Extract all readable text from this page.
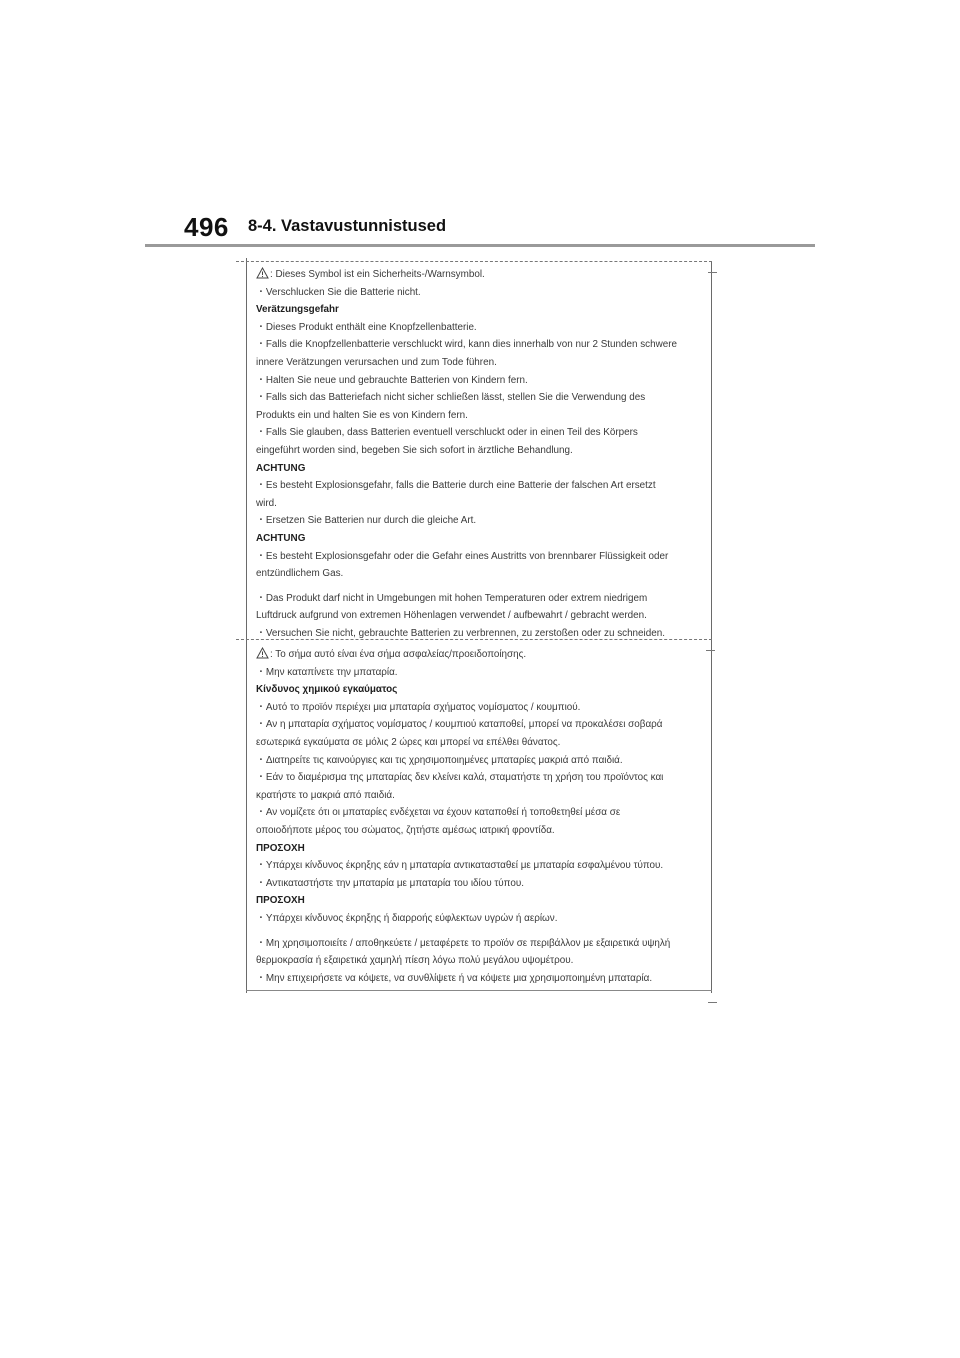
496 8-4. Vastavustunnistused
: Dieses Symbol ist ein Sicherheits-/Warnsymbol.
・Verschlucken Sie die Batterie nicht.
Verätzungsgefahr
・Dieses Produkt enthält eine Knopfzellenbatterie.
・Falls die Knopfzellenbatterie verschluckt wird, kann dies innerhalb von nur 2 Stunden schwere
innere Verätzungen verursachen und zum Tode führen.
・Halten Sie neue und gebrauchte Batterien von Kindern fern.
・Falls sich das Batteriefach nicht sicher schließen lässt, stellen Sie die Verwendung des
Produkts ein und halten Sie es von Kindern fern.
・Falls Sie glauben, dass Batterien eventuell verschluckt oder in einen Teil des Körpers
eingeführt worden sind, begeben Sie sich sofort in ärztliche Behandlung.
ACHTUNG
・Es besteht Explosionsgefahr, falls die Batterie durch eine Batterie der falschen Art ersetzt
wird.
・Ersetzen Sie Batterien nur durch die gleiche Art.
ACHTUNG
・Es besteht Explosionsgefahr oder die Gefahr eines Austritts von brennbarer Flüssigkeit oder
entzündlichem Gas.
・Das Produkt darf nicht in Umgebungen mit hohen Temperaturen oder extrem niedrigem
Luftdruck aufgrund von extremen Höhenlagen verwendet / aufbewahrt / gebracht werden.
・Versuchen Sie nicht, gebrauchte Batterien zu verbrennen, zu zerstoßen oder zu schneiden.
: Το σήμα αυτό είναι ένα σήμα ασφαλείας/προειδοποίησης.
・Μην καταπίνετε την μπαταρία.
Κίνδυνος χημικού εγκαύματος
・Αυτό το προϊόν περιέχει μια μπαταρία σχήματος νομίσματος / κουμπιού.
・Αν η μπαταρία σχήματος νομίσματος / κουμπιού καταποθεί, μπορεί να προκαλέσει σοβαρά
εσωτερικά εγκαύματα σε μόλις 2 ώρες και μπορεί να επέλθει θάνατος.
・Διατηρείτε τις καινούργιες και τις χρησιμοποιημένες μπαταρίες μακριά από παιδιά.
・Εάν το διαμέρισμα της μπαταρίας δεν κλείνει καλά, σταματήστε τη χρήση του προϊόντος και
κρατήστε το μακριά από παιδιά.
・Αν νομίζετε ότι οι μπαταρίες ενδέχεται να έχουν καταποθεί ή τοποθετηθεί μέσα σε
οποιοδήποτε μέρος του σώματος, ζητήστε αμέσως ιατρική φροντίδα.
ΠΡΟΣΟΧΗ
・Υπάρχει κίνδυνος έκρηξης εάν η μπαταρία αντικατασταθεί με μπαταρία εσφαλμένου τύπου.
・Αντικαταστήστε την μπαταρία με μπαταρία του ιδίου τύπου.
ΠΡΟΣΟΧΗ
・Υπάρχει κίνδυνος έκρηξης ή διαρροής εύφλεκτων υγρών ή αερίων.
・Μη χρησιμοποιείτε / αποθηκεύετε / μεταφέρετε το προϊόν σε περιβάλλον με εξαιρετικά υψηλή
θερμοκρασία ή εξαιρετικά χαμηλή πίεση λόγω πολύ μεγάλου υψομέτρου.
・Μην επιχειρήσετε να κόψετε, να συνθλίψετε ή να κόψετε μια χρησιμοποιημένη μπαταρία.
